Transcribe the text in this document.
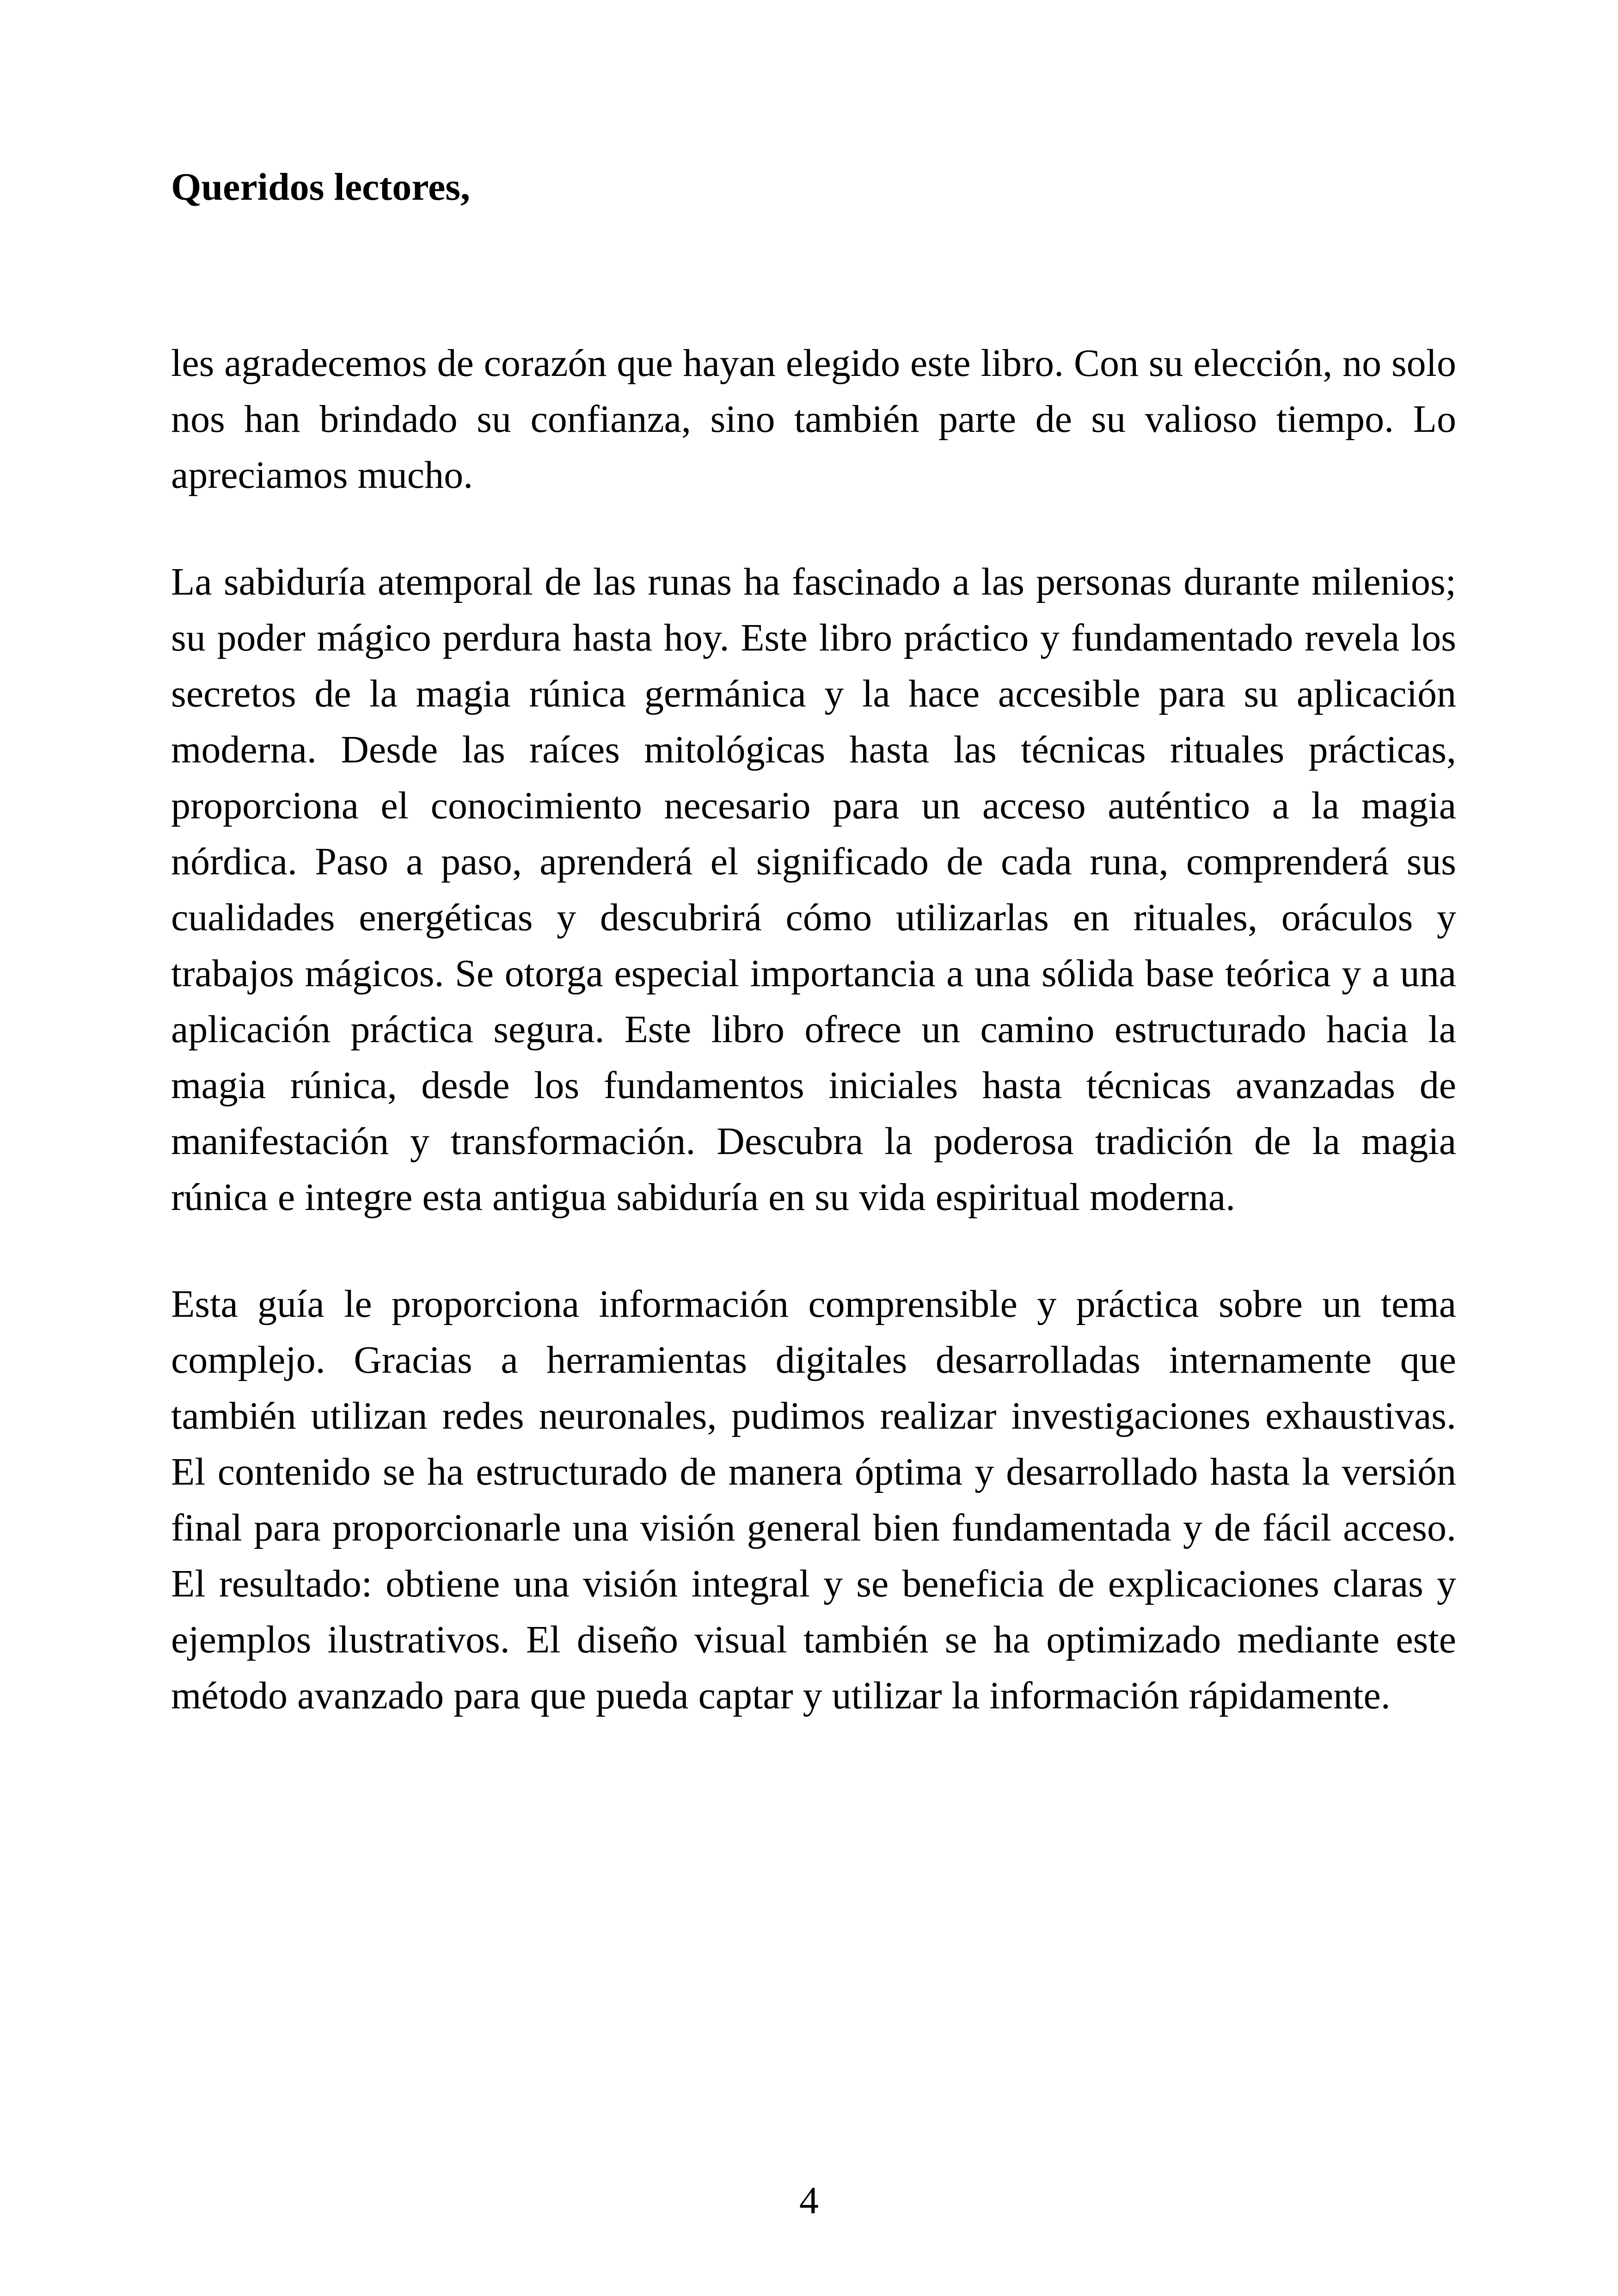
Queridos lectores,

les agradecemos de corazón que hayan elegido este libro. Con su elección, no solo nos han brindado su confianza, sino también parte de su valioso tiempo. Lo apreciamos mucho.

La sabiduría atemporal de las runas ha fascinado a las personas durante milenios; su poder mágico perdura hasta hoy. Este libro práctico y fundamentado revela los secretos de la magia rúnica germánica y la hace accesible para su aplicación moderna. Desde las raíces mitológicas hasta las técnicas rituales prácticas, proporciona el conocimiento necesario para un acceso auténtico a la magia nórdica. Paso a paso, aprenderá el significado de cada runa, comprenderá sus cualidades energéticas y descubrirá cómo utilizarlas en rituales, oráculos y trabajos mágicos. Se otorga especial importancia a una sólida base teórica y a una aplicación práctica segura. Este libro ofrece un camino estructurado hacia la magia rúnica, desde los fundamentos iniciales hasta técnicas avanzadas de manifestación y transformación. Descubra la poderosa tradición de la magia rúnica e integre esta antigua sabiduría en su vida espiritual moderna.

Esta guía le proporciona información comprensible y práctica sobre un tema complejo. Gracias a herramientas digitales desarrolladas internamente que también utilizan redes neuronales, pudimos realizar investigaciones exhaustivas. El contenido se ha estructurado de manera óptima y desarrollado hasta la versión final para proporcionarle una visión general bien fundamentada y de fácil acceso. El resultado: obtiene una visión integral y se beneficia de explicaciones claras y ejemplos ilustrativos. El diseño visual también se ha optimizado mediante este método avanzado para que pueda captar y utilizar la información rápidamente.

4
